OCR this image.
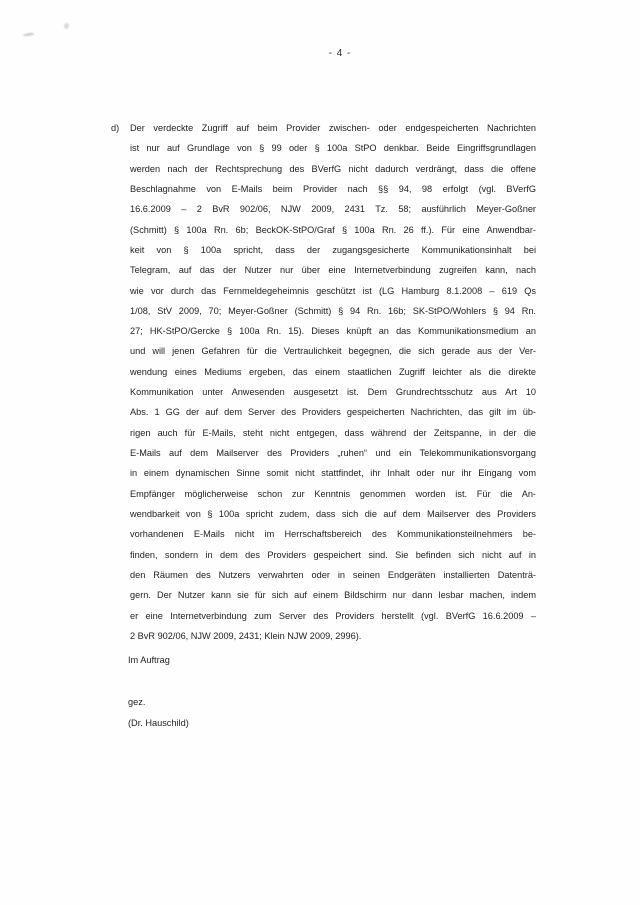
- 4 -
d) Der verdeckte Zugriff auf beim Provider zwischen- oder endgespeicherten Nachrichten
ist nur auf Grundlage von § 99 oder § 100a StPO denkbar. Beide Eingriffsgrundlagen
werden nach der Rechtsprechung des BVerfG nicht dadurch verdrängt, dass die offene
Beschlagnahme von E-Mails beim Provider nach §§ 94, 98 erfolgt (vgl. BVerfG
16.6.2009 – 2 BvR 902/06, NJW 2009, 2431 Tz. 58; ausführlich Meyer-Goßner
(Schmitt) § 100a Rn. 6b; BeckOK-StPO/Graf § 100a Rn. 26 ff.). Für eine Anwendbar-
keit von § 100a spricht, dass der zugangsgesicherte Kommunikationsinhalt bei
Telegram, auf das der Nutzer nur über eine Internetverbindung zugreifen kann, nach
wie vor durch das Fernmeldegeheimnis geschützt ist (LG Hamburg 8.1.2008 – 619 Qs
1/08, StV 2009, 70; Meyer-Goßner (Schmitt) § 94 Rn. 16b; SK-StPO/Wohlers § 94 Rn.
27; HK-StPO/Gercke § 100a Rn. 15). Dieses knüpft an das Kommunikationsmedium an
und will jenen Gefahren für die Vertraulichkeit begegnen, die sich gerade aus der Ver-
wendung eines Mediums ergeben, das einem staatlichen Zugriff leichter als die direkte
Kommunikation unter Anwesenden ausgesetzt ist. Dem Grundrechtsschutz aus Art 10
Abs. 1 GG der auf dem Server des Providers gespeicherten Nachrichten, das gilt im üb-
rigen auch für E-Mails, steht nicht entgegen, dass während der Zeitspanne, in der die
E-Mails auf dem Mailserver des Providers „ruhen“ und ein Telekommunikationsvorgang
in einem dynamischen Sinne somit nicht stattfindet, ihr Inhalt oder nur ihr Eingang vom
Empfänger möglicherweise schon zur Kenntnis genommen worden ist. Für die An-
wendbarkeit von § 100a spricht zudem, dass sich die auf dem Mailserver des Providers
vorhandenen E-Mails nicht im Herrschaftsbereich des Kommunikationsteilnehmers be-
finden, sondern in dem des Providers gespeichert sind. Sie befinden sich nicht auf in
den Räumen des Nutzers verwahrten oder in seinen Endgeräten installierten Datenträ-
gern. Der Nutzer kann sie für sich auf einem Bildschirm nur dann lesbar machen, indem
er eine Internetverbindung zum Server des Providers herstellt (vgl. BVerfG 16.6.2009 –
2 BvR 902/06, NJW 2009, 2431; Klein NJW 2009, 2996).
Im Auftrag
gez.
(Dr. Hauschild)
